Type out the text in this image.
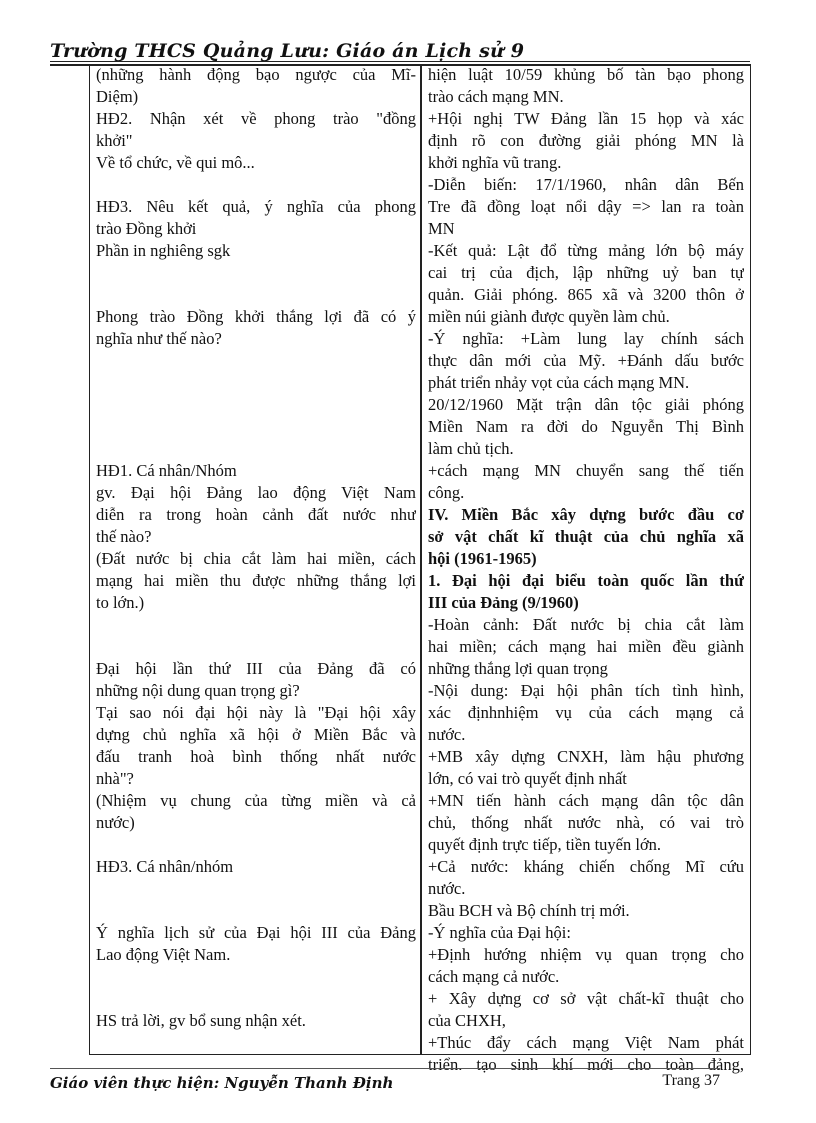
Trường THCS Quảng Lưu: Giáo án Lịch sử 9
(những hành động bạo ngược của Mĩ-
Diệm)
HĐ2. Nhận xét về phong trào "đồng
khởi"
Về tổ chức, về qui mô...
HĐ3. Nêu kết quả, ý nghĩa của phong
trào Đồng khởi
Phần in nghiêng sgk
Phong trào Đồng khởi thắng lợi đã có ý
nghĩa như thế nào?
HĐ1. Cá nhân/Nhóm
gv. Đại hội Đảng lao động Việt Nam
diễn ra trong hoàn cảnh đất nước như
thế nào?
(Đất nước bị chia cắt làm hai miền, cách
mạng hai miền thu được những thắng lợi
to lớn.)
Đại hội lần thứ III của Đảng đã có
những nội dung quan trọng gì?
Tại sao nói đại hội này là "Đại hội xây
dựng chủ nghĩa xã hội ở Miền Bắc và
đấu tranh hoà bình thống nhất nước
nhà"?
(Nhiệm vụ chung của từng miền và cả
nước)
HĐ3. Cá nhân/nhóm
Ý nghĩa lịch sử của Đại hội III của Đảng
Lao động Việt Nam.
HS trả lời, gv bổ sung nhận xét.
hiện luật 10/59 khủng bố tàn bạo phong
trào cách mạng MN.
+Hội nghị TW Đảng lần 15 họp và xác
định rõ con đường giải phóng MN là
khởi nghĩa vũ trang.
-Diễn biến: 17/1/1960, nhân dân Bến
Tre đã đồng loạt nổi dậy => lan ra toàn
MN
-Kết quả: Lật đổ từng mảng lớn bộ máy
cai trị của địch, lập những uỷ ban tự
quản. Giải phóng. 865 xã và 3200 thôn ở
miền núi giành được quyền làm chủ.
-Ý nghĩa: +Làm lung lay chính sách
thực dân mới của Mỹ. +Đánh dấu bước
phát triển nhảy vọt của cách mạng MN.
20/12/1960 Mặt trận dân tộc giải phóng
Miền Nam ra đời do Nguyễn Thị Bình
làm chủ tịch.
+cách mạng MN chuyển sang thế tiến
công.
IV. Miền Bắc xây dựng bước đầu cơ
sở vật chất kĩ thuật của chủ nghĩa xã
hội (1961-1965)
1. Đại hội đại biểu toàn quốc lần thứ
III của Đảng (9/1960)
-Hoàn cảnh: Đất nước bị chia cắt làm
hai miền; cách mạng hai miền đều giành
những thắng lợi quan trọng
-Nội dung: Đại hội phân tích tình hình,
xác địnhnhiệm vụ của cách mạng cả
nước.
+MB xây dựng CNXH, làm hậu phương
lớn, có vai trò quyết định nhất
+MN tiến hành cách mạng dân tộc dân
chủ, thống nhất nước nhà, có vai trò
quyết định trực tiếp, tiền tuyến lớn.
+Cả nước: kháng chiến chống Mĩ cứu
nước.
Bầu BCH và Bộ chính trị mới.
-Ý nghĩa của Đại hội:
+Định hướng nhiệm vụ quan trọng cho
cách mạng cả nước.
+ Xây dựng cơ sở vật chất-kĩ thuật cho
của CHXH,
+Thúc đẩy cách mạng Việt Nam phát
triển. tạo sinh khí mới cho toàn đảng,
Giáo viên thực hiện: Nguyễn Thanh Định	Trang 37
